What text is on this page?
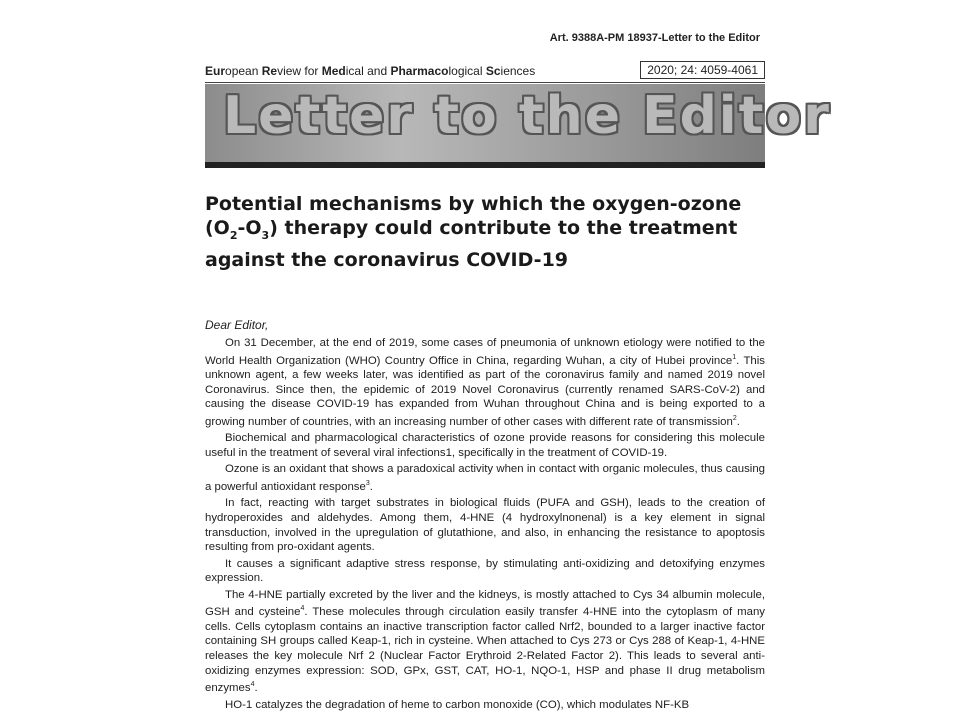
Art. 9388A-PM 18937-Letter to the Editor
European Review for Medical and Pharmacological Sciences	2020; 24: 4059-4061
Letter to the Editor
Potential mechanisms by which the oxygen-ozone
$(O_2-O_3)$ therapy could contribute to the treatment
against the coronavirus COVID-19
Dear Editor,

On 31 December, at the end of 2019, some cases of pneumonia of unknown etiology were notified to the World Health Organization (WHO) Country Office in China, regarding Wuhan, a city of Hubei province$^1$. This unknown agent, a few weeks later, was identified as part of the coronavirus family and named 2019 novel Coronavirus. Since then, the epidemic of 2019 Novel Coronavirus (currently renamed SARS-CoV-2) and causing the disease COVID-19 has expanded from Wuhan throughout China and is being exported to a growing number of countries, with an increasing number of other cases with different rate of transmission$^2$.

Biochemical and pharmacological characteristics of ozone provide reasons for considering this molecule useful in the treatment of several viral infections1, specifically in the treatment of COVID-19.

Ozone is an oxidant that shows a paradoxical activity when in contact with organic molecules, thus causing a powerful antioxidant response$^3$.

In fact, reacting with target substrates in biological fluids (PUFA and GSH), leads to the creation of hydroperoxides and aldehydes. Among them, 4-HNE (4 hydroxylnonenal) is a key element in signal transduction, involved in the upregulation of glutathione, and also, in enhancing the resistance to apoptosis resulting from pro-oxidant agents.

It causes a significant adaptive stress response, by stimulating anti-oxidizing and detoxifying enzymes expression.

The 4-HNE partially excreted by the liver and the kidneys, is mostly attached to Cys 34 albumin molecule, GSH and cysteine$^4$. These molecules through circulation easily transfer 4-HNE into the cytoplasm of many cells. Cells cytoplasm contains an inactive transcription factor called Nrf2, bounded to a larger inactive factor containing SH groups called Keap-1, rich in cysteine. When attached to Cys 273 or Cys 288 of Keap-1, 4-HNE releases the key molecule Nrf 2 (Nuclear Factor Erythroid 2-Related Factor 2). This leads to several anti-oxidizing enzymes expression: SOD, GPx, GST, CAT, HO-1, NQO-1, HSP and phase II drug metabolism enzymes$^4$.

HO-1 catalyzes the degradation of heme to carbon monoxide (CO), which modulates NF-KB
